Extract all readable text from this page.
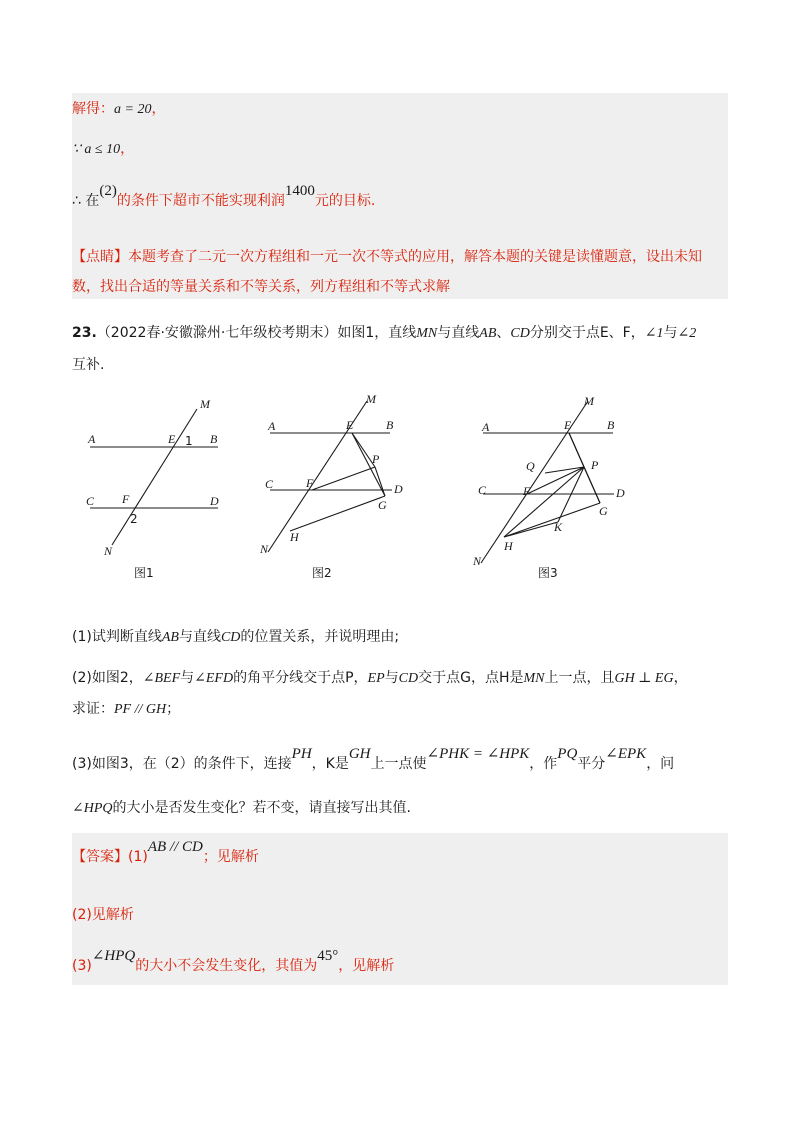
解得：a = 20，
∵ a ≤ 10，
∴ 在(2)的条件下超市不能实现利润1400元的目标.
【点睛】本题考查了二元一次方程组和一元一次不等式的应用，解答本题的关键是读懂题意，设出未知
数，找出合适的等量关系和不等关系，列方程组和不等式求解
23.（2022春·安徽滁州·七年级校考期末）如图1，直线MN与直线AB、CD分别交于点E、F，∠1与∠2
互补.
M
A	E 1 B
C F	D
2
N
图1
M
A	E	B
P
C	F	D
G
H
N
图2
M
A	E	B
Q	P
C	F	D
G
K
H
N
图3
(1)试判断直线AB与直线CD的位置关系，并说明理由;
(2)如图2，∠BEF与∠EFD的角平分线交于点P，EP与CD交于点G，点H是MN上一点，且GH ⊥ EG，
求证：PF // GH；
(3)如图3，在（2）的条件下，连接PH，K是GH上一点使∠PHK = ∠HPK，作PQ平分∠EPK，问
∠HPQ的大小是否发生变化？若不变，请直接写出其值.
【答案】(1)AB // CD；见解析
(2)见解析
(3)∠HPQ的大小不会发生变化，其值为45°，见解析
